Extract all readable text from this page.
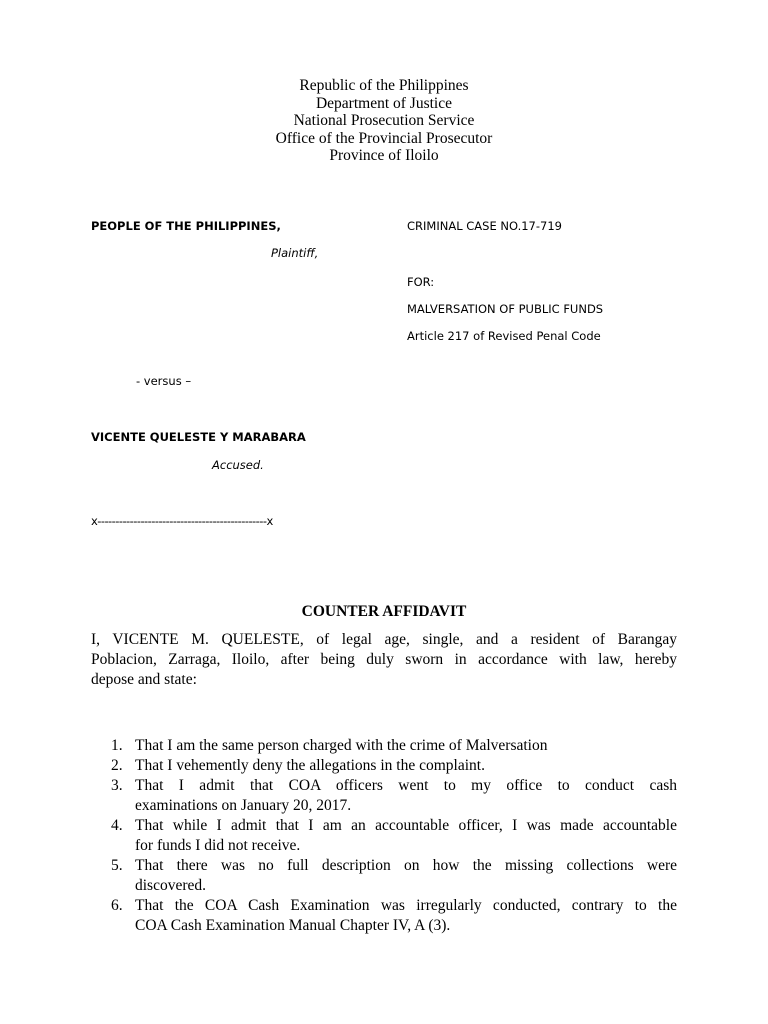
Republic of the Philippines
Department of Justice
National Prosecution Service
Office of the Provincial Prosecutor
Province of Iloilo
PEOPLE OF THE PHILIPPINES,
Plaintiff,
CRIMINAL CASE NO.17-719
FOR:
MALVERSATION OF PUBLIC FUNDS
Article 217 of Revised Penal Code
- versus –
VICENTE QUELESTE Y MARABARA
Accused.
x-----------------------------------------------x
COUNTER AFFIDAVIT
I, VICENTE M. QUELESTE, of legal age, single, and a resident of Barangay
Poblacion, Zarraga, Iloilo, after being duly sworn in accordance with law, hereby
depose and state:
1. That I am the same person charged with the crime of Malversation
2. That I vehemently deny the allegations in the complaint.
3. That I admit that COA officers went to my office to conduct cash
examinations on January 20, 2017.
4. That while I admit that I am an accountable officer, I was made accountable
for funds I did not receive.
5. That there was no full description on how the missing collections were
discovered.
6. That the COA Cash Examination was irregularly conducted, contrary to the
COA Cash Examination Manual Chapter IV, A (3).
